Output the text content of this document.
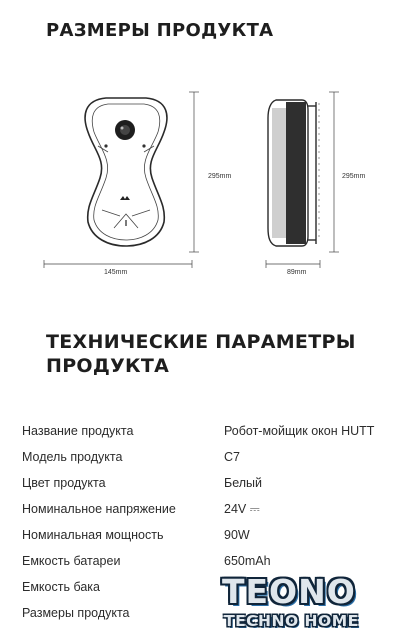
РАЗМЕРЫ ПРОДУКТА
295mm
145mm
295mm
89mm
ТЕХНИЧЕСКИЕ ПАРАМЕТРЫ ПРОДУКТА
Название продукта	Робот-мойщик окон HUTT
Модель продукта	C7
Цвет продукта	Белый
Номинальное напряжение	24V ⎓
Номинальная мощность	90W
Емкость батареи	650mAh
Емкость бака
Размеры продукта
TEONO
TECHNO HOME
